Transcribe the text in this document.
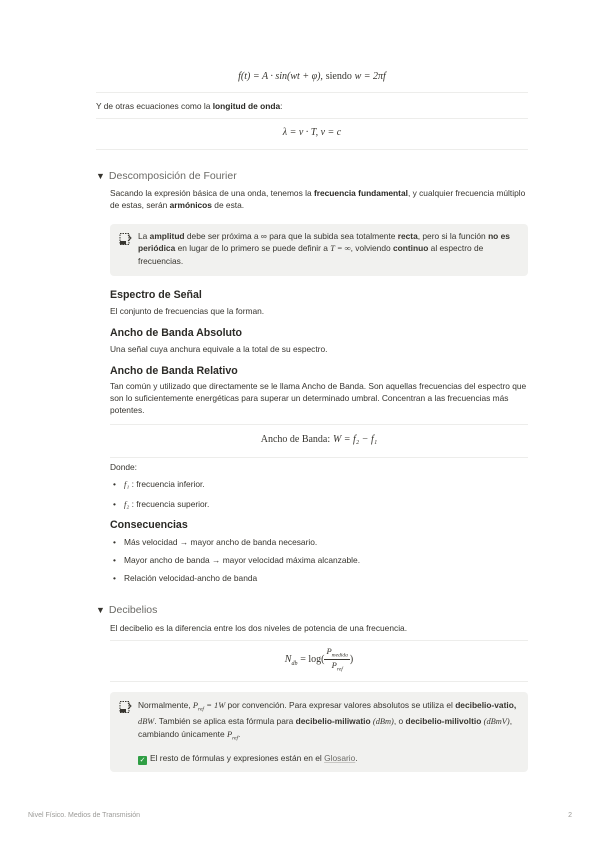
f(t) = A · sin(wt + φ), siendo w = 2πf

Y de otras ecuaciones como la longitud de onda:

λ = v · T, v = c
▼ Descomposición de Fourier

Sacando la expresión básica de una onda, tenemos la frecuencia fundamental, y cualquier frecuencia múltiplo de estas, serán armónicos de esta.

La amplitud debe ser próxima a ∞ para que la subida sea totalmente recta, pero si la función no es periódica en lugar de lo primero se puede definir a T = ∞, volviendo continuo al espectro de frecuencias.
Espectro de Señal

El conjunto de frecuencias que la forman.

Ancho de Banda Absoluto

Una señal cuya anchura equivale a la total de su espectro.

Ancho de Banda Relativo

Tan común y utilizado que directamente se le llama Ancho de Banda. Son aquellas frecuencias del espectro que son lo suficientemente energéticas para superar un determinado umbral. Concentran a las frecuencias más potentes.

Ancho de Banda: W = f₂ − f₁

Donde:

• f₁ : frecuencia inferior.
• f₂ : frecuencia superior.
Consecuencias
• Más velocidad → mayor ancho de banda necesario.
• Mayor ancho de banda → mayor velocidad máxima alcanzable.
• Relación velocidad-ancho de banda
▼ Decibelios

El decibelio es la diferencia entre los dos niveles de potencia de una frecuencia.

$N_{db} = \log( \frac{P_{medida}}{P_{ref}}$ )
Normalmente, $P_{ref} = 1W$ por convención. Para expresar valores absolutos se utiliza el decibelio-vatio, dBW. También se aplica esta fórmula para decibelio-miliwatio (dBm), o decibelio-milivoltio (dBmV), cambiando únicamente $P_{ref}$.
✓ El resto de fórmulas y expresiones están en el Glosario.
Nivel Físico. Medios de Transmisión	2
